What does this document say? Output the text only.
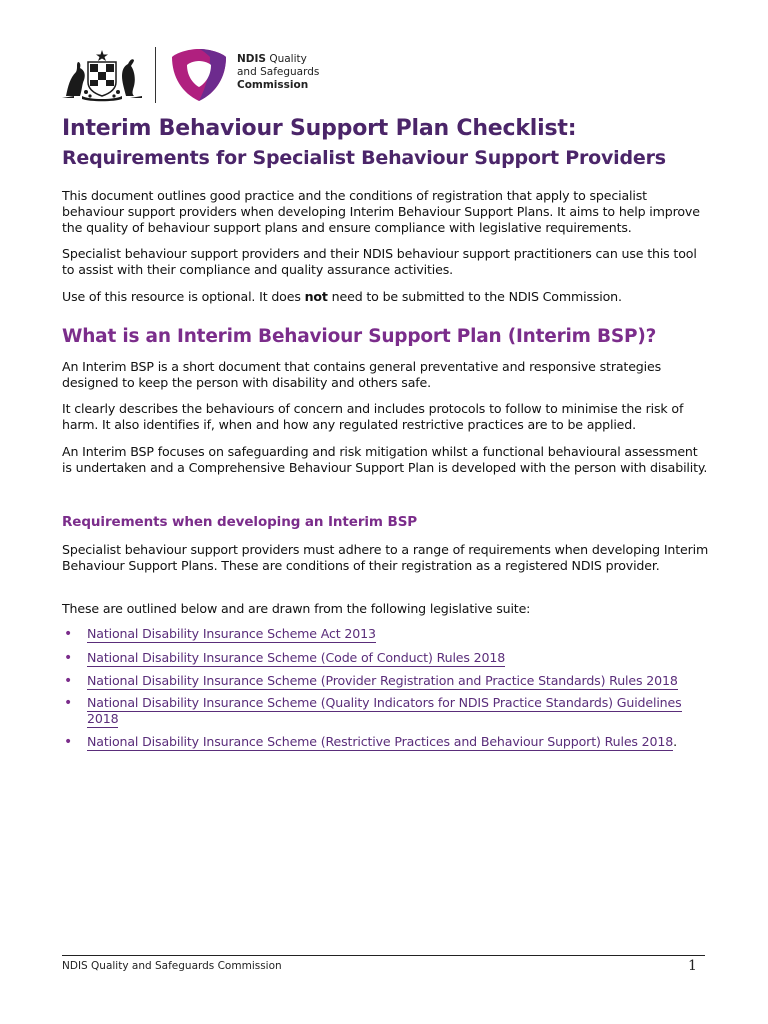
NDIS Quality
and Safeguards
Commission
Interim Behaviour Support Plan Checklist:
Requirements for Specialist Behaviour Support Providers

This document outlines good practice and the conditions of registration that apply to specialist behaviour support providers when developing Interim Behaviour Support Plans. It aims to help improve the quality of behaviour support plans and ensure compliance with legislative requirements.

Specialist behaviour support providers and their NDIS behaviour support practitioners can use this tool to assist with their compliance and quality assurance activities.

Use of this resource is optional. It does not need to be submitted to the NDIS Commission.

What is an Interim Behaviour Support Plan (Interim BSP)?

An Interim BSP is a short document that contains general preventative and responsive strategies designed to keep the person with disability and others safe.

It clearly describes the behaviours of concern and includes protocols to follow to minimise the risk of harm. It also identifies if, when and how any regulated restrictive practices are to be applied.

An Interim BSP focuses on safeguarding and risk mitigation whilst a functional behavioural assessment is undertaken and a Comprehensive Behaviour Support Plan is developed with the person with disability.

Requirements when developing an Interim BSP

Specialist behaviour support providers must adhere to a range of requirements when developing Interim Behaviour Support Plans. These are conditions of their registration as a registered NDIS provider.

These are outlined below and are drawn from the following legislative suite:

• National Disability Insurance Scheme Act 2013
• National Disability Insurance Scheme (Code of Conduct) Rules 2018
• National Disability Insurance Scheme (Provider Registration and Practice Standards) Rules 2018
• National Disability Insurance Scheme (Quality Indicators for NDIS Practice Standards) Guidelines 2018
• National Disability Insurance Scheme (Restrictive Practices and Behaviour Support) Rules 2018.
NDIS Quality and Safeguards Commission	1
